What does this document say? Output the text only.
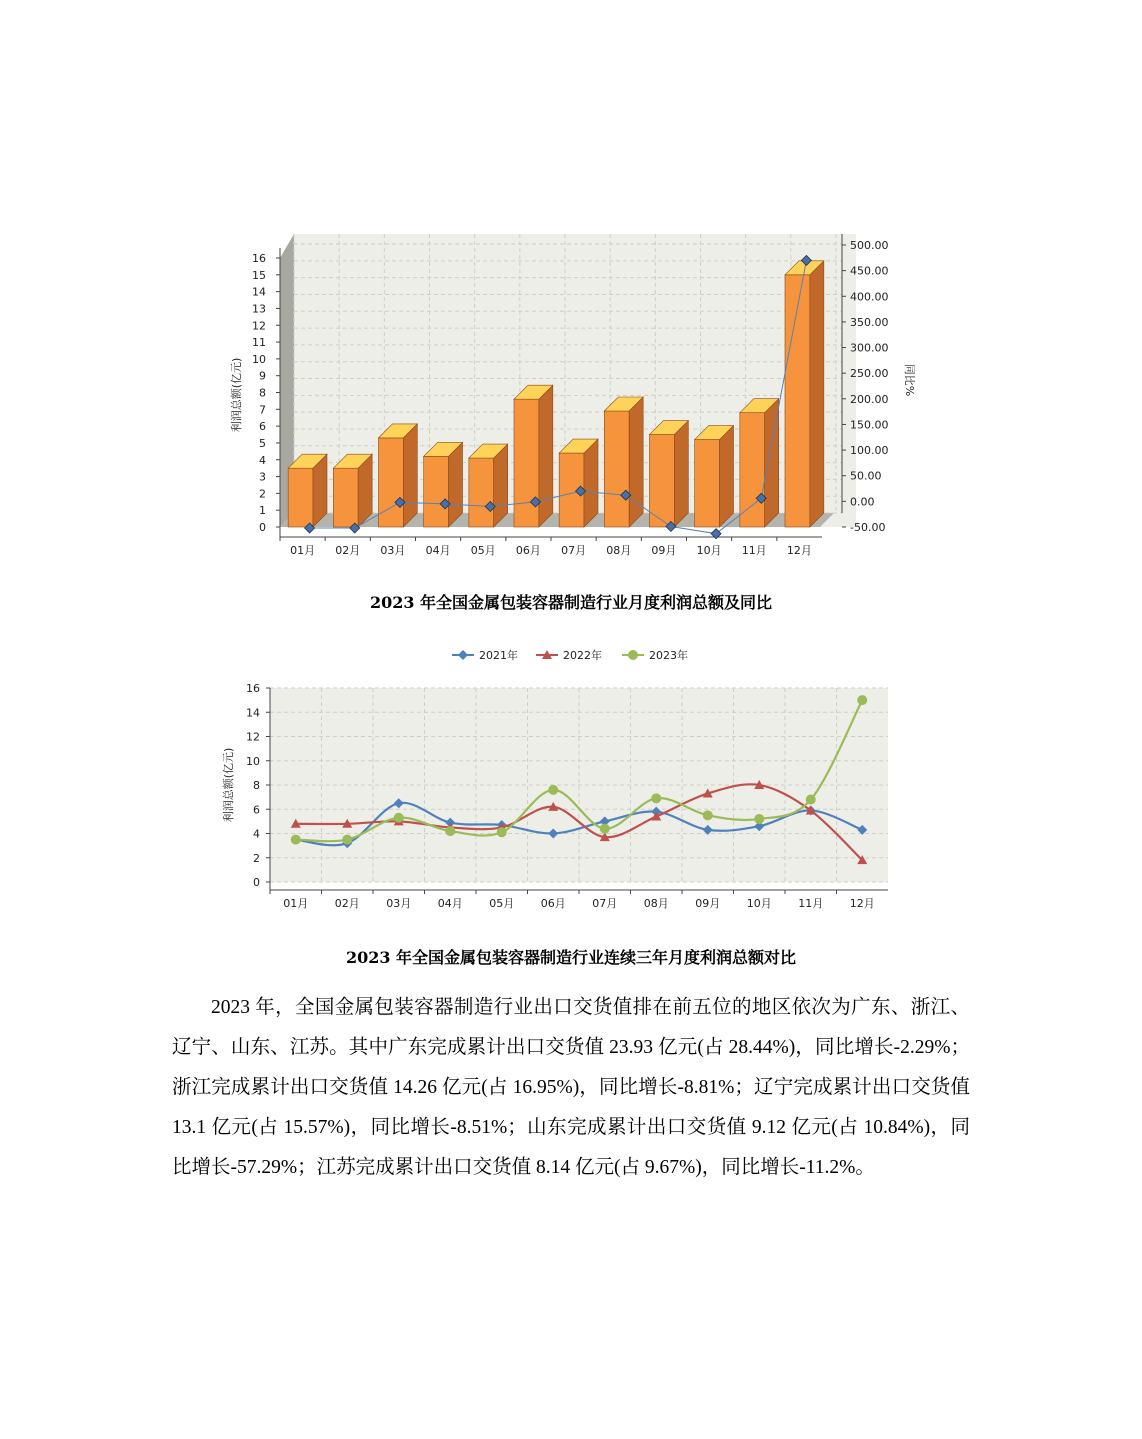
0
1
2
3
4
5
6
7
8
9
10
11
12
13
14
15
16
利润总额(亿元)
-50.00
0.00
50.00
100.00
150.00
200.00
250.00
300.00
350.00
400.00
450.00
500.00
同比%
01月 02月 03月 04月 05月 06月 07月 08月 09月 10月 11月 12月
0
2
4
6
8
10
12
14
16
01月 02月 03月 04月 05月 06月 07月 08月 09月 10月 11月 12月
利润总额(亿元)
2021年	2022年	2023年
2023 年全国金属包装容器制造行业月度利润总额及同比
2023 年全国金属包装容器制造行业连续三年月度利润总额对比

2023 年，全国金属包装容器制造行业出口交货值排在前五位的地区依次为广东、浙江、辽宁、山东、江苏。其中广东完成累计出口交货值 23.93 亿元(占 28.44%)，同比增长-2.29%；浙江完成累计出口交货值 14.26 亿元(占 16.95%)，同比增长-8.81%；辽宁完成累计出口交货值 13.1 亿元(占 15.57%)，同比增长-8.51%；山东完成累计出口交货值 9.12 亿元(占 10.84%)，同比增长-57.29%；江苏完成累计出口交货值 8.14 亿元(占 9.67%)，同比增长-11.2%。
